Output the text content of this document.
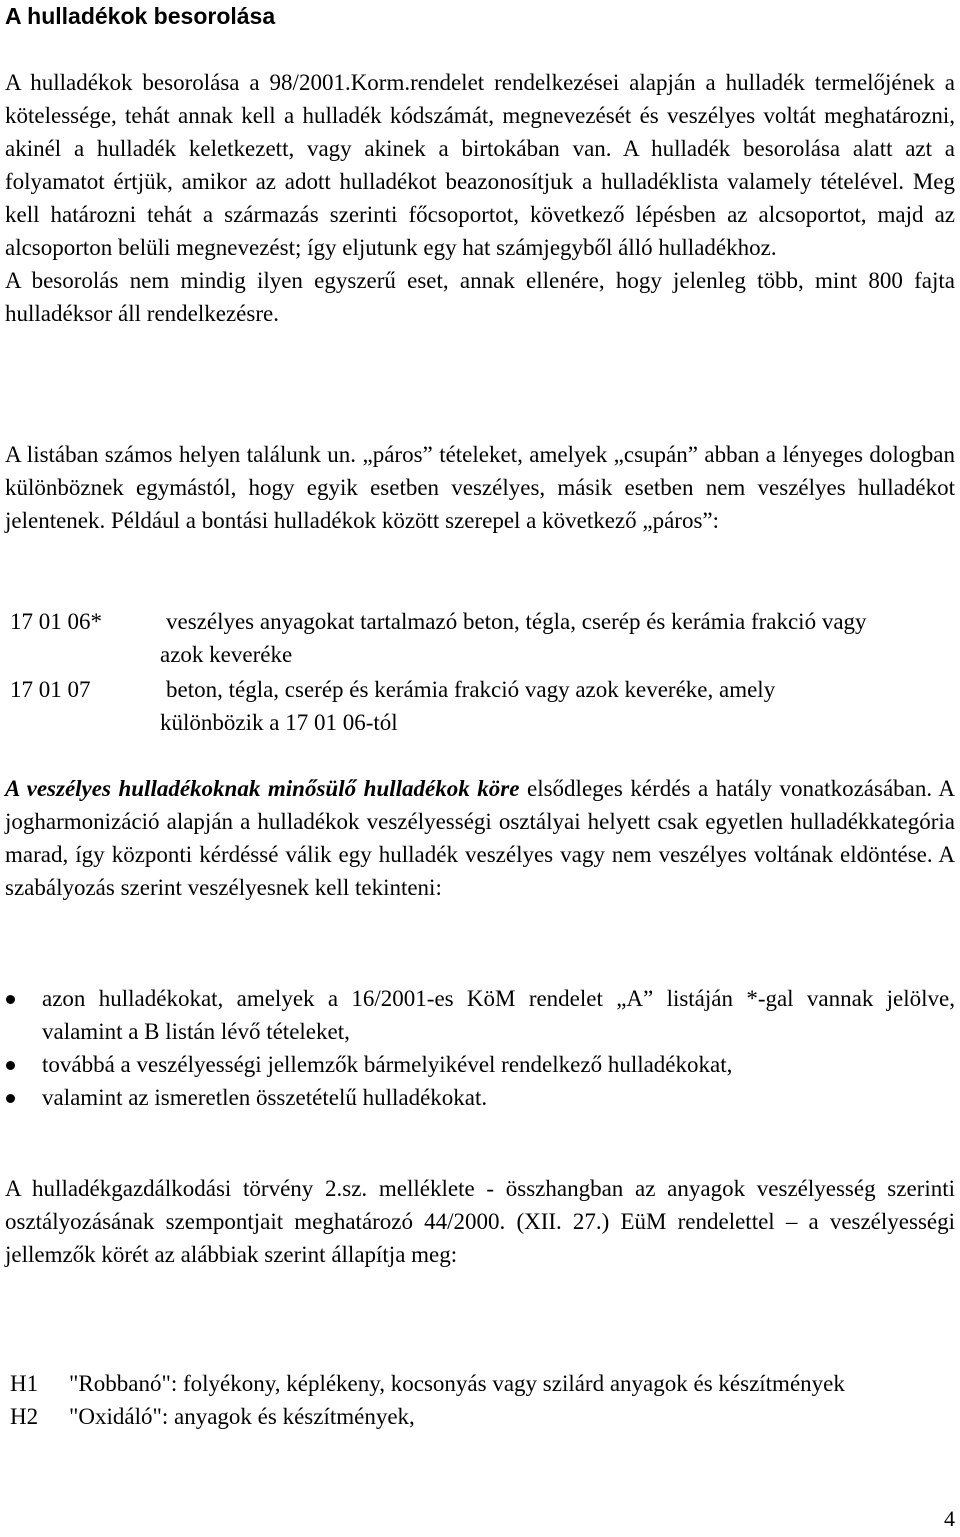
A hulladékok besorolása
A hulladékok besorolása a 98/2001.Korm.rendelet rendelkezései alapján a hulladék termelőjének a kötelessége, tehát annak kell a hulladék kódszámát, megnevezését és veszélyes voltát meghatározni, akinél a hulladék keletkezett, vagy akinek a birtokában van. A hulladék besorolása alatt azt a folyamatot értjük, amikor az adott hulladékot beazonosítjuk a hulladéklista valamely tételével. Meg kell határozni tehát a származás szerinti főcsoportot, következő lépésben az alcsoportot, majd az alcsoporton belüli megnevezést; így eljutunk egy hat számjegyből álló hulladékhoz.
A besorolás nem mindig ilyen egyszerű eset, annak ellenére, hogy jelenleg több, mint 800 fajta hulladéksor áll rendelkezésre.

A listában számos helyen találunk un. „páros” tételeket, amelyek „csupán” abban a lényeges dologban különböznek egymástól, hogy egyik esetben veszélyes, másik esetben nem veszélyes hulladékot jelentenek. Például a bontási hulladékok között szerepel a következő „páros”:

17 01 06*	veszélyes anyagokat tartalmazó beton, tégla, cserép és kerámia frakció vagy azok keveréke
17 01 07	beton, tégla, cserép és kerámia frakció vagy azok keveréke, amely különbözik a 17 01 06-tól

A veszélyes hulladékoknak minősülő hulladékok köre elsődleges kérdés a hatály vonatkozásában. A jogharmonizáció alapján a hulladékok veszélyességi osztályai helyett csak egyetlen hulladékkategória marad, így központi kérdéssé válik egy hulladék veszélyes vagy nem veszélyes voltának eldöntése. A szabályozás szerint veszélyesnek kell tekinteni:

azon hulladékokat, amelyek a 16/2001-es KöM rendelet „A” listáján *-gal vannak jelölve, valamint a B listán lévő tételeket,
továbbá a veszélyességi jellemzők bármelyikével rendelkező hulladékokat,
valamint az ismeretlen összetételű hulladékokat.

A hulladékgazdálkodási törvény 2.sz. melléklete - összhangban az anyagok veszélyesség szerinti osztályozásának szempontjait meghatározó 44/2000. (XII. 27.) EüM rendelettel – a veszélyességi jellemzők körét az alábbiak szerint állapítja meg:

H1	"Robbanó": folyékony, képlékeny, kocsonyás vagy szilárd anyagok és készítmények
H2	"Oxidáló": anyagok és készítmények,
4
